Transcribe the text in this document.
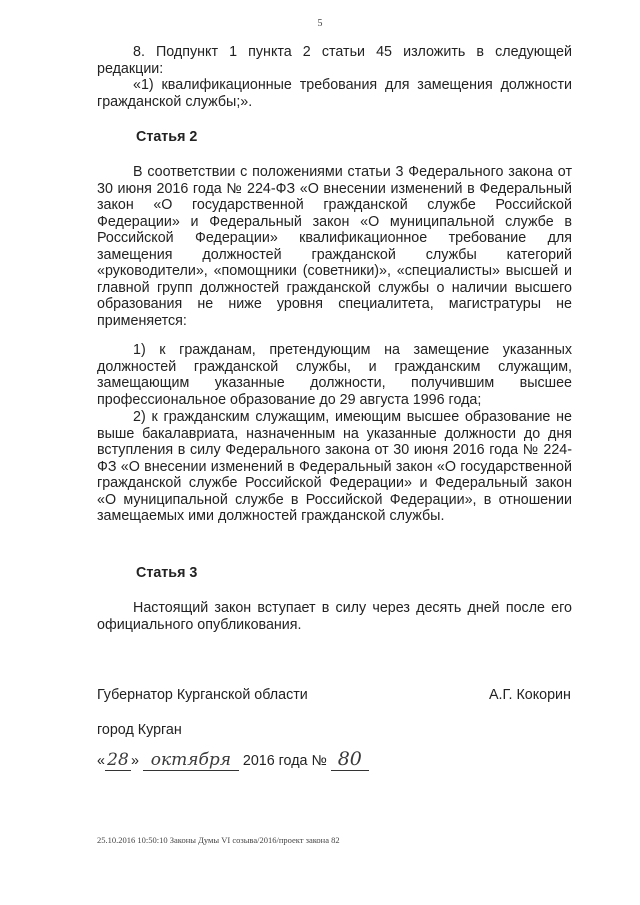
5
8. Подпункт 1 пункта 2 статьи 45 изложить в следующей редакции:
«1) квалификационные требования для замещения должности гражданской службы;».
Статья 2
В соответствии с положениями статьи 3 Федерального закона от 30 июня 2016 года № 224-ФЗ «О внесении изменений в Федеральный закон «О государственной гражданской службе Российской Федерации» и Федеральный закон «О муниципальной службе в Российской Федерации» квалификационное требование для замещения должностей гражданской службы категорий «руководители», «помощники (советники)», «специалисты» высшей и главной групп должностей гражданской службы о наличии высшего образования не ниже уровня специалитета, магистратуры не применяется:
1) к гражданам, претендующим на замещение указанных должностей гражданской службы, и гражданским служащим, замещающим указанные должности, получившим высшее профессиональное образование до 29 августа 1996 года;
2) к гражданским служащим, имеющим высшее образование не выше бакалавриата, назначенным на указанные должности до дня вступления в силу Федерального закона от 30 июня 2016 года № 224-ФЗ «О внесении изменений в Федеральный закон «О государственной гражданской службе Российской Федерации» и Федеральный закон «О муниципальной службе в Российской Федерации», в отношении замещаемых ими должностей гражданской службы.
Статья 3
Настоящий закон вступает в силу через десять дней после его официального опубликования.
Губернатор Курганской области	А.Г. Кокорин
город Курган
« 28 » октября 2016 года № 80
25.10.2016 10:50:10 Законы Думы VI созыва/2016/проект закона 82
